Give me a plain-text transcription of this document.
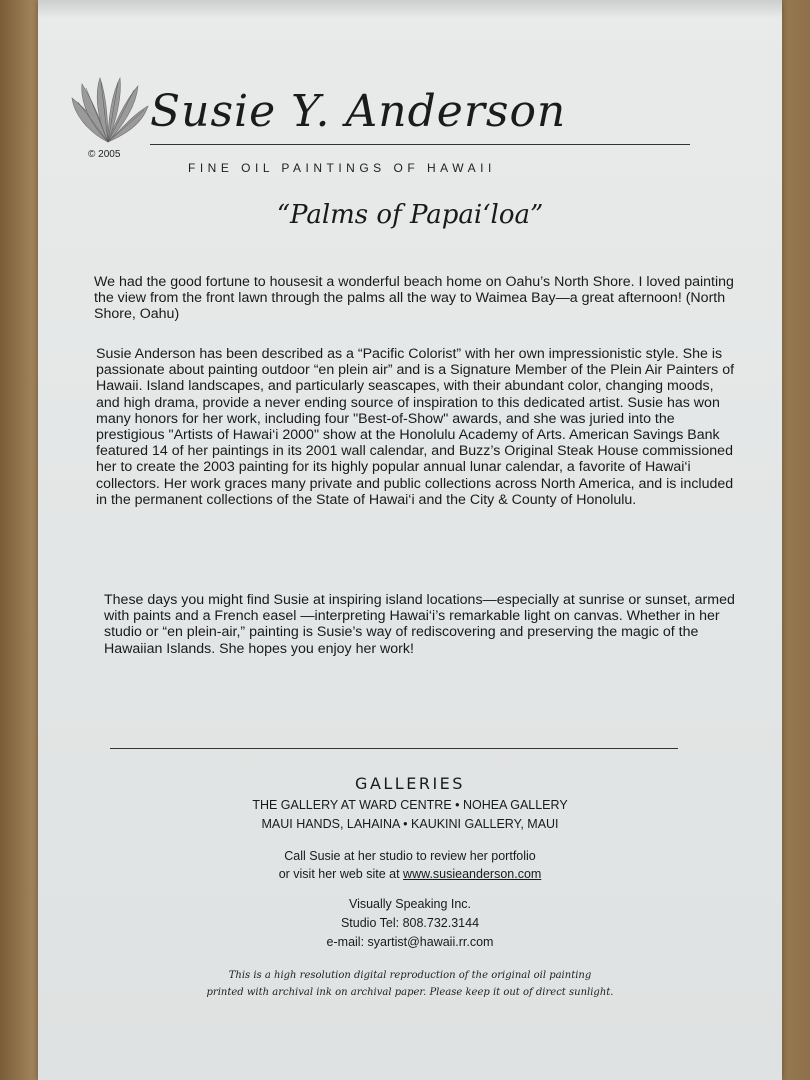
Susie Y. Anderson
© 2005
FINE OIL PAINTINGS OF HAWAII
“Palms of Papai‘loa”
We had the good fortune to housesit a wonderful beach home on Oahu’s North Shore. I loved painting the view from the front lawn through the palms all the way to Waimea Bay—a great afternoon! (North Shore, Oahu)
Susie Anderson has been described as a “Pacific Colorist” with her own impressionistic style. She is passionate about painting outdoor “en plein air” and is a Signature Member of the Plein Air Painters of Hawaii. Island landscapes, and particularly seascapes, with their abundant color, changing moods, and high drama, provide a never ending source of inspiration to this dedicated artist. Susie has won many honors for her work, including four "Best-of-Show" awards, and she was juried into the prestigious "Artists of Hawai‘i 2000" show at the Honolulu Academy of Arts. American Savings Bank featured 14 of her paintings in its 2001 wall calendar, and Buzz’s Original Steak House commissioned her to create the 2003 painting for its highly popular annual lunar calendar, a favorite of Hawai‘i collectors. Her work graces many private and public collections across North America, and is included in the permanent collections of the State of Hawai‘i and the City & County of Honolulu.
These days you might find Susie at inspiring island locations—especially at sunrise or sunset, armed with paints and a French easel —interpreting Hawai‘i’s remarkable light on canvas. Whether in her studio or “en plein-air,” painting is Susie’s way of rediscovering and preserving the magic of the Hawaiian Islands. She hopes you enjoy her work!
GALLERIES
THE GALLERY AT WARD CENTRE • NOHEA GALLERY
MAUI HANDS, LAHAINA • KAUKINI GALLERY, MAUI
Call Susie at her studio to review her portfolio
or visit her web site at www.susieanderson.com
Visually Speaking Inc.
Studio Tel: 808.732.3144
e-mail: syartist@hawaii.rr.com
This is a high resolution digital reproduction of the original oil painting
printed with archival ink on archival paper. Please keep it out of direct sunlight.
